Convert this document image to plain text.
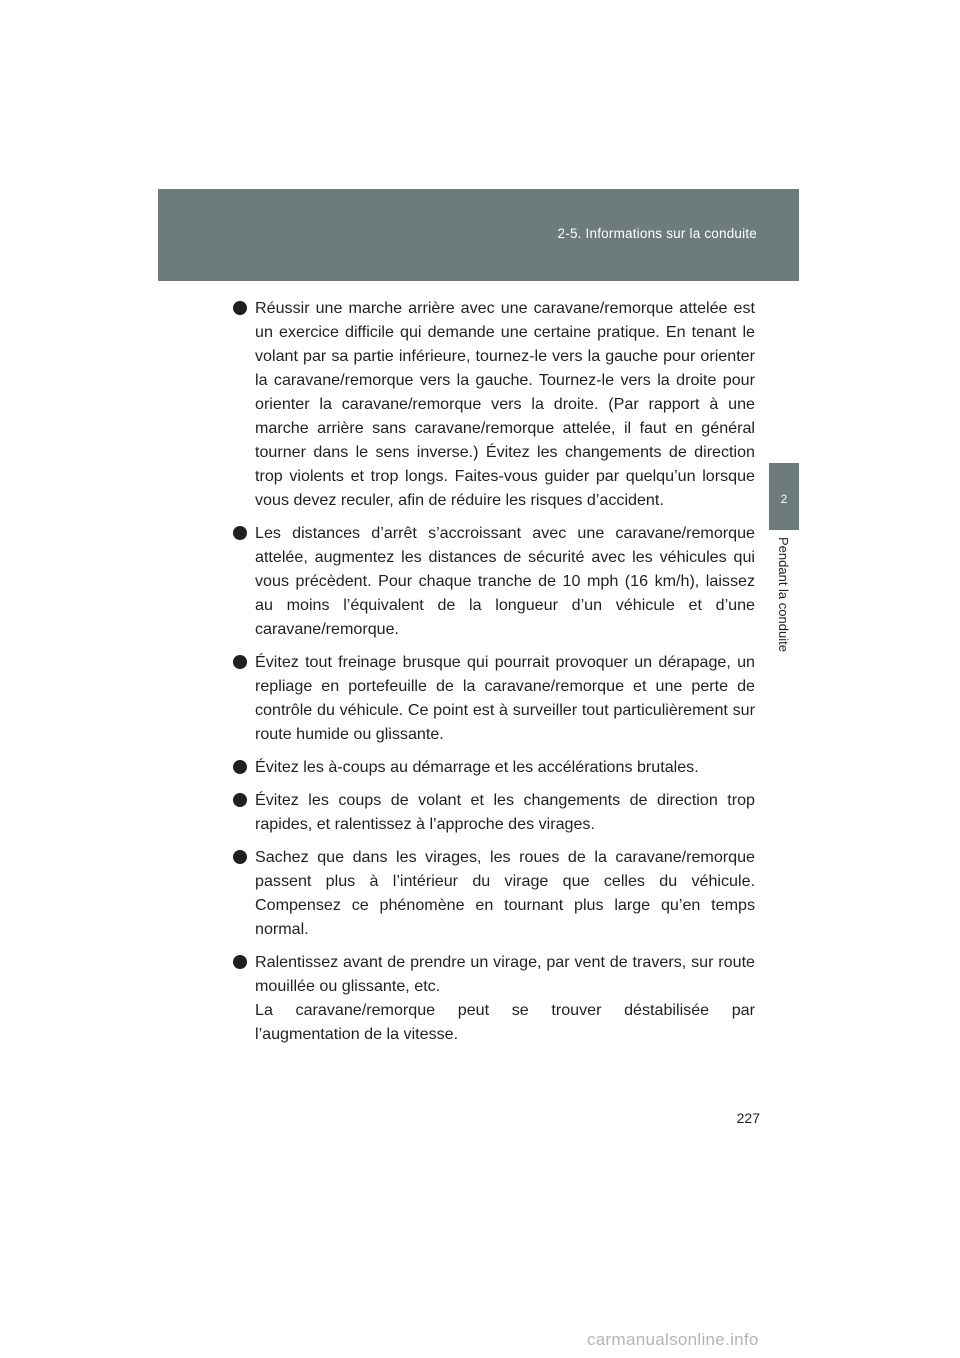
2-5. Informations sur la conduite
2
Pendant la conduite

Réussir une marche arrière avec une caravane/remorque attelée est un exercice difficile qui demande une certaine pratique. En tenant le volant par sa partie inférieure, tournez-le vers la gauche pour orienter la caravane/remorque vers la gauche. Tournez-le vers la droite pour orienter la caravane/remorque vers la droite. (Par rapport à une marche arrière sans caravane/remorque attelée, il faut en général tourner dans le sens inverse.) Évitez les changements de direction trop violents et trop longs. Faites-vous guider par quelqu’un lorsque vous devez reculer, afin de réduire les risques d’accident.

Les distances d’arrêt s’accroissant avec une caravane/remorque attelée, augmentez les distances de sécurité avec les véhicules qui vous précèdent. Pour chaque tranche de 10 mph (16 km/h), laissez au moins l’équivalent de la longueur d’un véhicule et d’une caravane/remorque.

Évitez tout freinage brusque qui pourrait provoquer un dérapage, un repliage en portefeuille de la caravane/remorque et une perte de contrôle du véhicule. Ce point est à surveiller tout particulièrement sur route humide ou glissante.

Évitez les à-coups au démarrage et les accélérations brutales.

Évitez les coups de volant et les changements de direction trop rapides, et ralentissez à l’approche des virages.

Sachez que dans les virages, les roues de la caravane/remorque passent plus à l’intérieur du virage que celles du véhicule. Compensez ce phénomène en tournant plus large qu’en temps normal.

Ralentissez avant de prendre un virage, par vent de travers, sur route mouillée ou glissante, etc.
La caravane/remorque peut se trouver déstabilisée par l’augmentation de la vitesse.

227
carmanualsonline.info
